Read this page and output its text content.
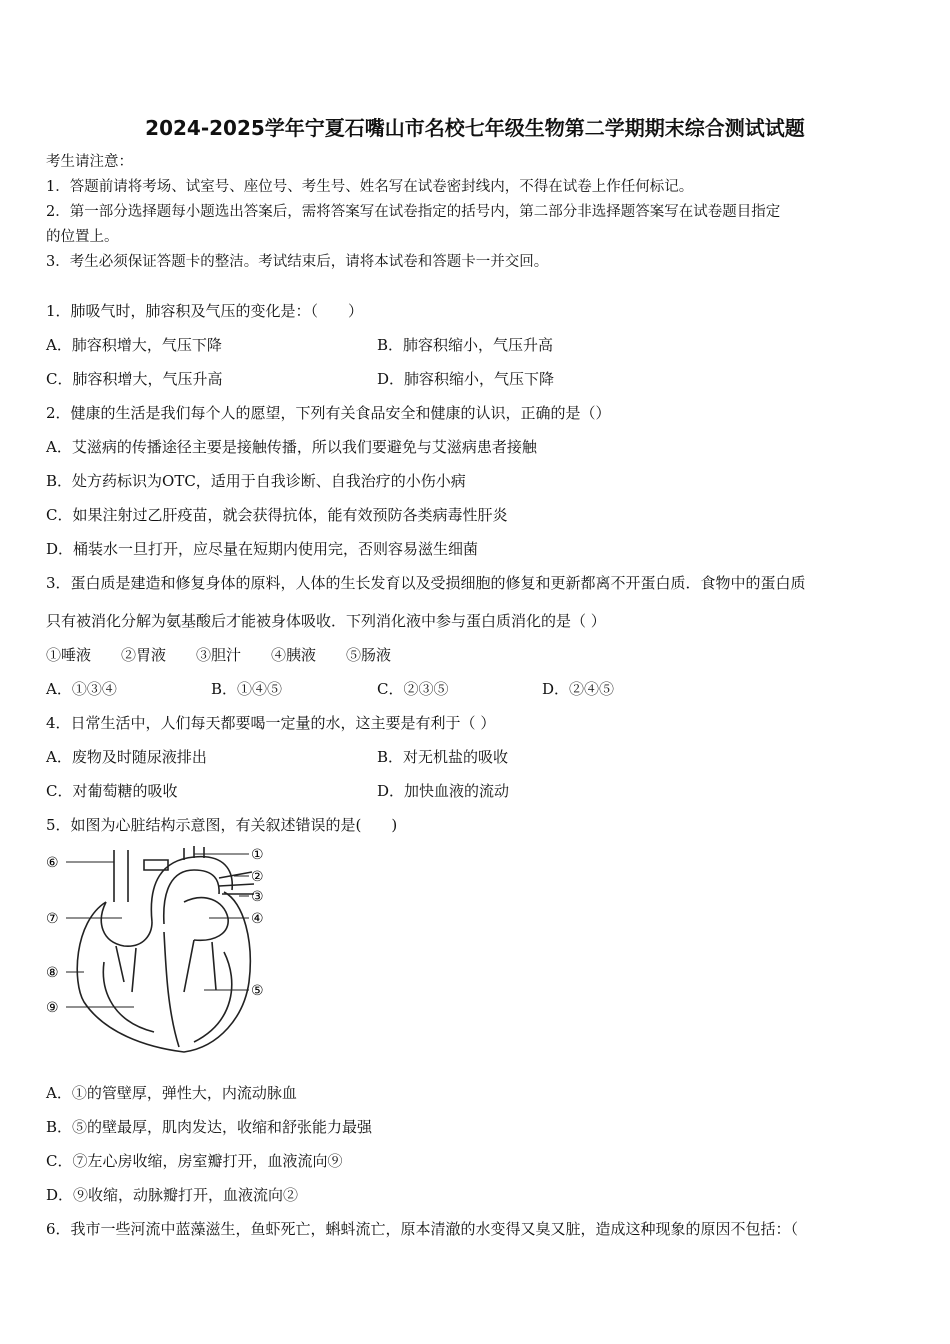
2024-2025学年宁夏石嘴山市名校七年级生物第二学期期末综合测试试题
考生请注意：
1．答题前请将考场、试室号、座位号、考生号、姓名写在试卷密封线内，不得在试卷上作任何标记。
2．第一部分选择题每小题选出答案后，需将答案写在试卷指定的括号内，第二部分非选择题答案写在试卷题目指定
的位置上。
3．考生必须保证答题卡的整洁。考试结束后，请将本试卷和答题卡一并交回。
1．肺吸气时，肺容积及气压的变化是：（　　）
A．肺容积增大，气压下降	B．肺容积缩小，气压升高
C．肺容积增大，气压升高	D．肺容积缩小，气压下降
2．健康的生活是我们每个人的愿望，下列有关食品安全和健康的认识，正确的是（）
A．艾滋病的传播途径主要是接触传播，所以我们要避免与艾滋病患者接触
B．处方药标识为OTC，适用于自我诊断、自我治疗的小伤小病
C．如果注射过乙肝疫苗，就会获得抗体，能有效预防各类病毒性肝炎
D．桶装水一旦打开，应尽量在短期内使用完，否则容易滋生细菌
3．蛋白质是建造和修复身体的原料，人体的生长发育以及受损细胞的修复和更新都离不开蛋白质．食物中的蛋白质
只有被消化分解为氨基酸后才能被身体吸收．下列消化液中参与蛋白质消化的是（ ）
①唾液　　②胃液　　③胆汁　　④胰液　　⑤肠液
A．①③④	B．①④⑤	C．②③⑤	D．②④⑤
4．日常生活中，人们每天都要喝一定量的水，这主要是有利于（ ）
A．废物及时随尿液排出	B．对无机盐的吸收
C．对葡萄糖的吸收	D．加快血液的流动
5．如图为心脏结构示意图，有关叙述错误的是(　　)
①
②
③
④
⑤
⑥
⑦
⑧
⑨
A．①的管壁厚，弹性大，内流动脉血
B．⑤的壁最厚，肌肉发达，收缩和舒张能力最强
C．⑦左心房收缩，房室瓣打开，血液流向⑨
D．⑨收缩，动脉瓣打开，血液流向②
6．我市一些河流中蓝藻滋生，鱼虾死亡，蝌蚪流亡，原本清澈的水变得又臭又脏，造成这种现象的原因不包括：（
